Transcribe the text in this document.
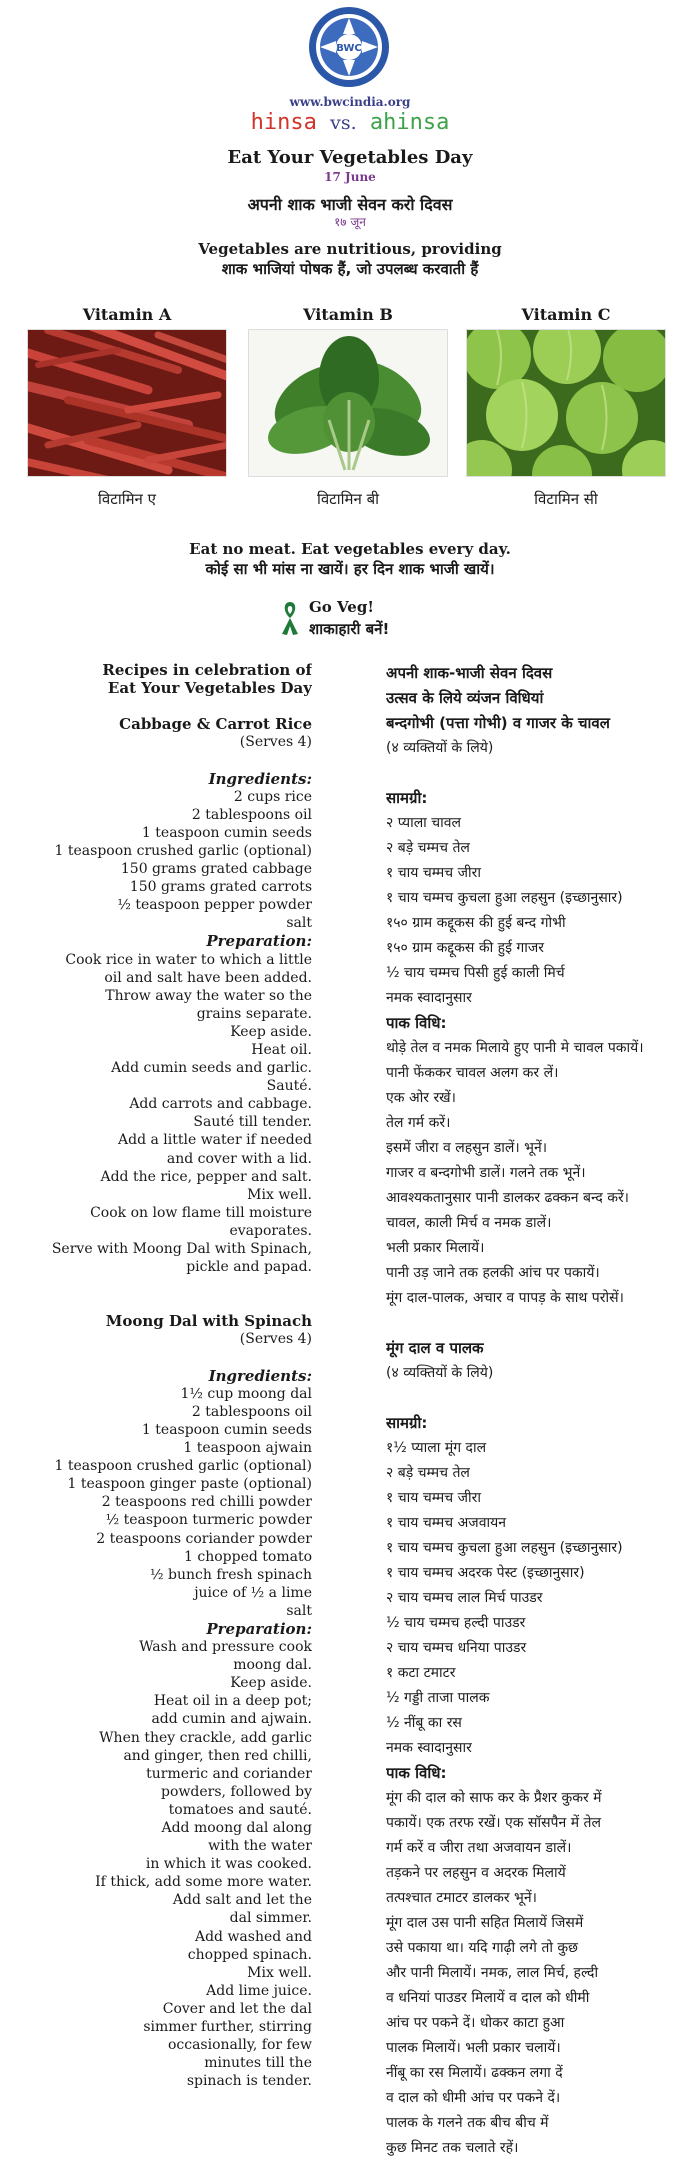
BWC
www.bwcindia.org
hinsa vs. ahinsa
Eat Your Vegetables Day
17 June
अपनी शाक भाजी सेवन करो दिवस
१७ जून
Vegetables are nutritious, providing
शाक भाजियां पोषक हैं, जो उपलब्ध करवाती हैं
Vitamin A
विटामिन ए
Vitamin B
विटामिन बी
Vitamin C
विटामिन सी
Eat no meat. Eat vegetables every day.
कोई सा भी मांस ना खायें। हर दिन शाक भाजी खायें।
Go Veg!
शाकाहारी बनें!
Recipes in celebration of
Eat Your Vegetables Day
Cabbage & Carrot Rice
(Serves 4)
Ingredients:
2 cups rice
2 tablespoons oil
1 teaspoon cumin seeds
1 teaspoon crushed garlic (optional)
150 grams grated cabbage
150 grams grated carrots
½ teaspoon pepper powder
salt
Preparation:
Cook rice in water to which a little
oil and salt have been added.
Throw away the water so the
grains separate.
Keep aside.
Heat oil.
Add cumin seeds and garlic.
Sauté.
Add carrots and cabbage.
Sauté till tender.
Add a little water if needed
and cover with a lid.
Add the rice, pepper and salt.
Mix well.
Cook on low flame till moisture
evaporates.
Serve with Moong Dal with Spinach,
pickle and papad.
Moong Dal with Spinach
(Serves 4)
Ingredients:
1½ cup moong dal
2 tablespoons oil
1 teaspoon cumin seeds
1 teaspoon ajwain
1 teaspoon crushed garlic (optional)
1 teaspoon ginger paste (optional)
2 teaspoons red chilli powder
½ teaspoon turmeric powder
2 teaspoons coriander powder
1 chopped tomato
½ bunch fresh spinach
juice of ½ a lime
salt
Preparation:
Wash and pressure cook
moong dal.
Keep aside.
Heat oil in a deep pot;
add cumin and ajwain.
When they crackle, add garlic
and ginger, then red chilli,
turmeric and coriander
powders, followed by
tomatoes and sauté.
Add moong dal along
with the water
in which it was cooked.
If thick, add some more water.
Add salt and let the
dal simmer.
Add washed and
chopped spinach.
Mix well.
Add lime juice.
Cover and let the dal
simmer further, stirring
occasionally, for few
minutes till the
spinach is tender.
अपनी शाक-भाजी सेवन दिवस
उत्सव के लिये व्यंजन विधियां
बन्दगोभी (पत्ता गोभी) व गाजर के चावल
(४ व्यक्तियों के लिये)
सामग्री:
२ प्याला चावल
२ बड़े चम्मच तेल
१ चाय चम्मच जीरा
१ चाय चम्मच कुचला हुआ लहसुन (इच्छानुसार)
१५० ग्राम कद्दूकस की हुई बन्द गोभी
१५० ग्राम कद्दूकस की हुई गाजर
½ चाय चम्मच पिसी हुई काली मिर्च
नमक स्वादानुसार
पाक विधि:
थोड़े तेल व नमक मिलाये हुए पानी मे चावल पकायें।
पानी फेंककर चावल अलग कर लें।
एक ओर रखें।
तेल गर्म करें।
इसमें जीरा व लहसुन डालें। भूनें।
गाजर व बन्दगोभी डालें। गलने तक भूनें।
आवश्यकतानुसार पानी डालकर ढक्कन बन्द करें।
चावल, काली मिर्च व नमक डालें।
भली प्रकार मिलायें।
पानी उड़ जाने तक हलकी आंच पर पकायें।
मूंग दाल-पालक, अचार व पापड़ के साथ परोसें।
मूंग दाल व पालक
(४ व्यक्तियों के लिये)
सामग्री:
१½ प्याला मूंग दाल
२ बड़े चम्मच तेल
१ चाय चम्मच जीरा
१ चाय चम्मच अजवायन
१ चाय चम्मच कुचला हुआ लहसुन (इच्छानुसार)
१ चाय चम्मच अदरक पेस्ट (इच्छानुसार)
२ चाय चम्मच लाल मिर्च पाउडर
½ चाय चम्मच हल्दी पाउडर
२ चाय चम्मच धनिया पाउडर
१ कटा टमाटर
½ गड्डी ताजा पालक
½ नींबू का रस
नमक स्वादानुसार
पाक विधि:
मूंग की दाल को साफ कर के प्रैशर कुकर में
पकायें। एक तरफ रखें। एक सॉसपैन में तेल
गर्म करें व जीरा तथा अजवायन डालें।
तड़कने पर लहसुन व अदरक मिलायें
तत्पश्चात टमाटर डालकर भूनें।
मूंग दाल उस पानी सहित मिलायें जिसमें
उसे पकाया था। यदि गाढ़ी लगे तो कुछ
और पानी मिलायें। नमक, लाल मिर्च, हल्दी
व धनियां पाउडर मिलायें व दाल को धीमी
आंच पर पकने दें। धोकर काटा हुआ
पालक मिलायें। भली प्रकार चलायें।
नींबू का रस मिलायें। ढक्कन लगा दें
व दाल को धीमी आंच पर पकने दें।
पालक के गलने तक बीच बीच में
कुछ मिनट तक चलाते रहें।
